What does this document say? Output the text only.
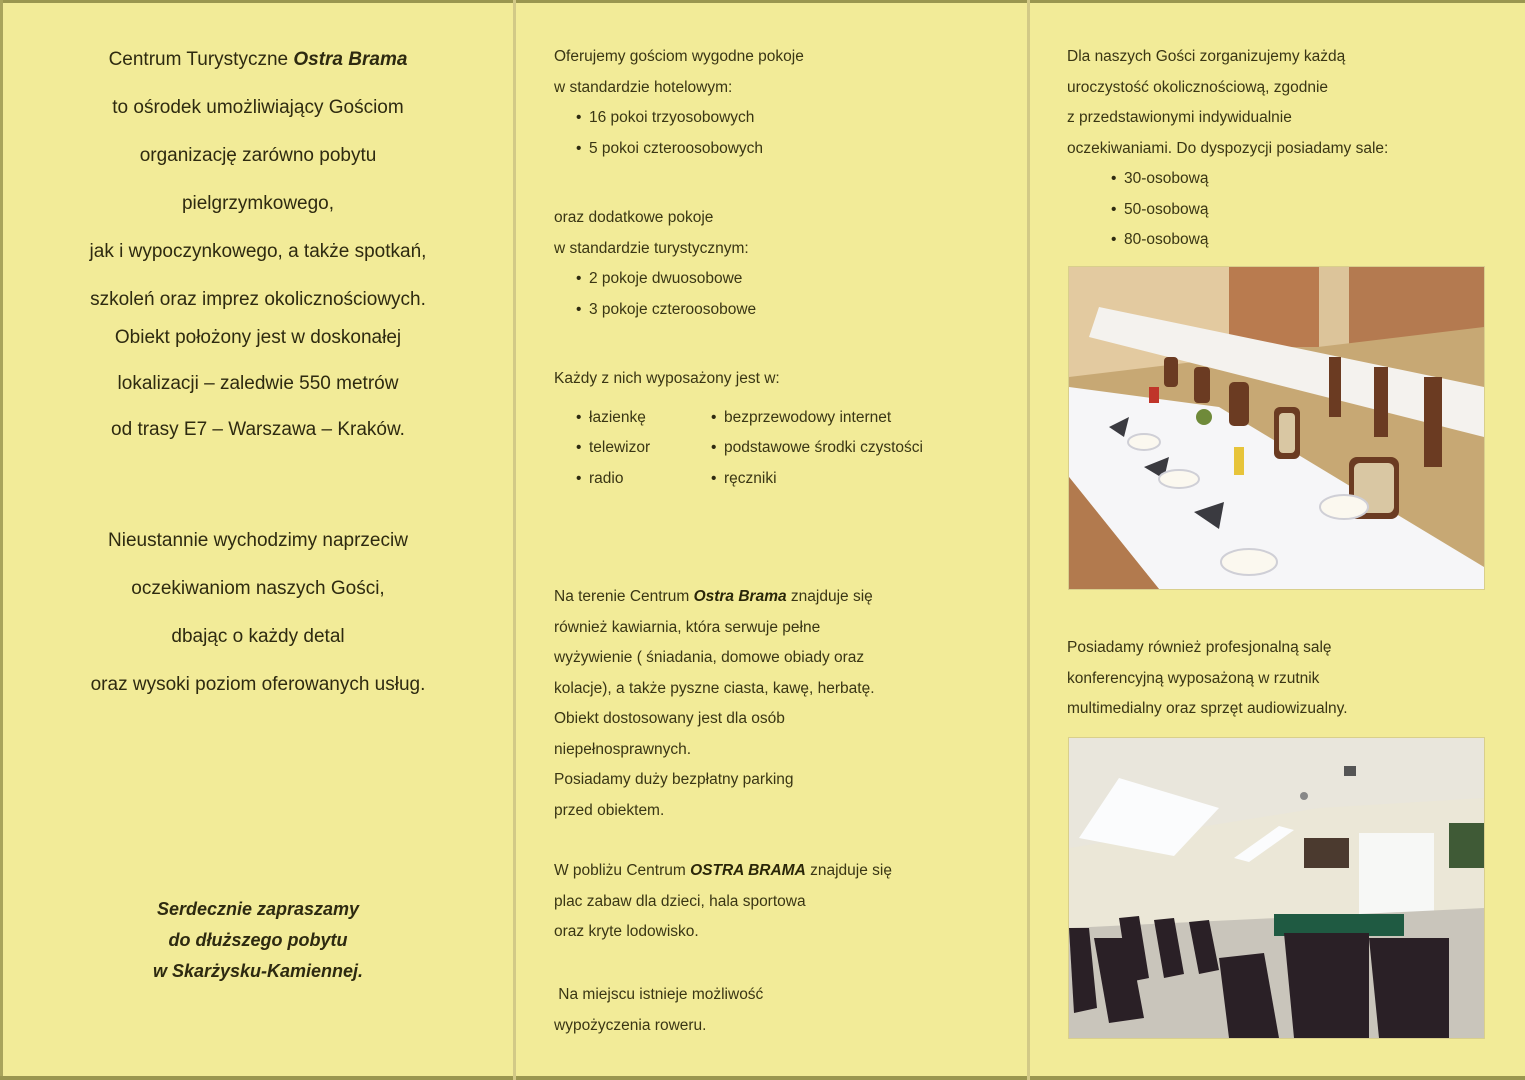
Centrum Turystyczne Ostra Brama
to ośrodek umożliwiający Gościom
organizację zarówno pobytu
pielgrzymkowego,
jak i wypoczynkowego, a także spotkań,
szkoleń oraz imprez okolicznościowych.
Obiekt położony jest w doskonałej
lokalizacji – zaledwie 550 metrów
od trasy E7 – Warszawa – Kraków.
Nieustannie wychodzimy naprzeciw
oczekiwaniom naszych Gości,
dbając o każdy detal
oraz wysoki poziom oferowanych usług.
Serdecznie zapraszamy
do dłuższego pobytu
w Skarżysku-Kamiennej.
Oferujemy gościom wygodne pokoje
w standardzie hotelowym:
• 16 pokoi trzyosobowych
• 5 pokoi czteroosobowych
oraz dodatkowe pokoje
w standardzie turystycznym:
• 2 pokoje dwuosobowe
• 3 pokoje czteroosobowe
Każdy z nich wyposażony jest w:
• łazienkę
• telewizor
• radio
• bezprzewodowy internet
• podstawowe środki czystości
• ręczniki
Na terenie Centrum Ostra Brama znajduje się
również kawiarnia, która serwuje pełne
wyżywienie ( śniadania, domowe obiady oraz
kolacje), a także pyszne ciasta, kawę, herbatę.
Obiekt dostosowany jest dla osób
niepełnosprawnych.
Posiadamy duży bezpłatny parking
przed obiektem.
W pobliżu Centrum OSTRA BRAMA znajduje się
plac zabaw dla dzieci, hala sportowa
oraz kryte lodowisko.
Na miejscu istnieje możliwość
wypożyczenia roweru.
Dla naszych Gości zorganizujemy każdą
uroczystość okolicznościową, zgodnie
z przedstawionymi indywidualnie
oczekiwaniami. Do dyspozycji posiadamy sale:
• 30-osobową
• 50-osobową
• 80-osobową
Posiadamy również profesjonalną salę
konferencyjną wyposażoną w rzutnik
multimedialny oraz sprzęt audiowizualny.
